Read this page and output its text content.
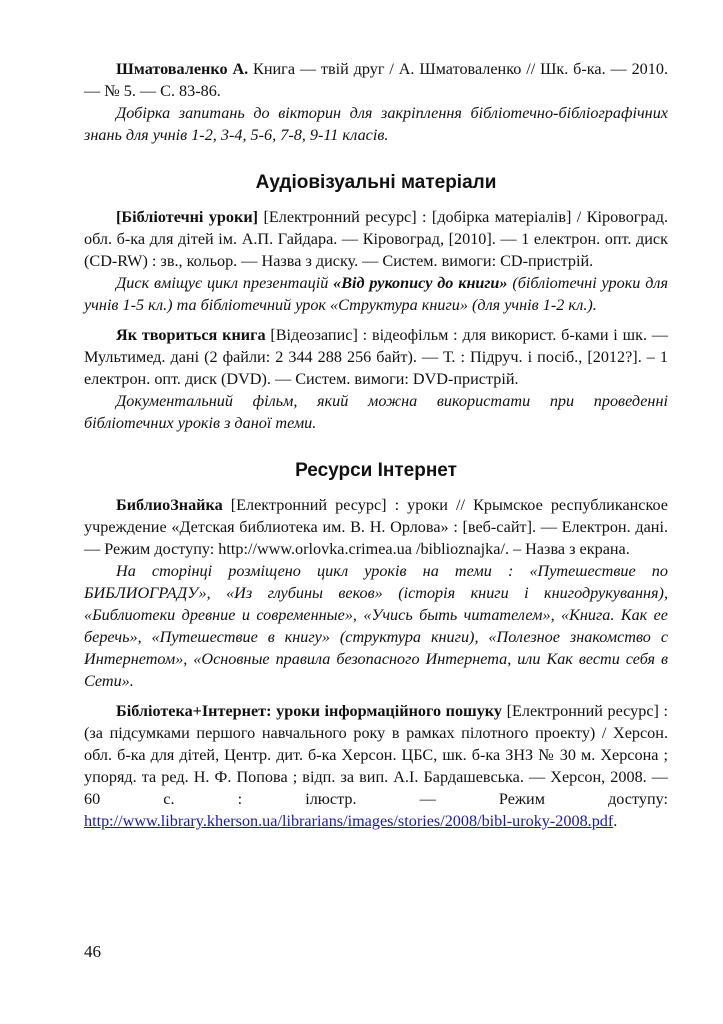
Шматоваленко А. Книга — твій друг / А. Шматоваленко // Шк. б-ка. — 2010. — № 5. — С. 83-86.

Добірка запитань до вікторин для закріплення бібліотечно-бібліографічних знань для учнів 1-2, 3-4, 5-6, 7-8, 9-11 класів.

Аудіовізуальні матеріали

[Бібліотечні уроки] [Електронний ресурс] : [добірка матеріалів] / Кіровоград. обл. б-ка для дітей ім. А.П. Гайдара. — Кіровоград, [2010]. — 1 електрон. опт. диск (CD-RW) : зв., кольор. — Назва з диску. — Систем. вимоги: CD-пристрій.

Диск вміщує цикл презентацій «Від рукопису до книги» (бібліотечні уроки для учнів 1-5 кл.) та бібліотечний урок «Структура книги» (для учнів 1-2 кл.).

Як твориться книга [Відеозапис] : відеофільм : для використ. б-ками і шк. — Мультимед. дані (2 файли: 2 344 288 256 байт). — Т. : Підруч. і посіб., [2012?]. – 1 електрон. опт. диск (DVD). — Систем. вимоги: DVD-пристрій.

Документальний фільм, який можна використати при проведенні бібліотечних уроків з даної теми.

Ресурси Інтернет

БиблиоЗнайка [Електронний ресурс] : уроки // Крымское республиканское учреждение «Детская библиотека им. В. Н. Орлова» : [веб-сайт]. — Електрон. дані. — Режим доступу: http://www.orlovka.crimea.ua /biblioznajka/. – Назва з екрана.

На сторінці розміщено цикл уроків на теми : «Путешествие по БИБЛИОГРАДУ», «Из глубины веков» (історія книги і книгодрукування), «Библиотеки древние и современные», «Учись быть читателем», «Книга. Как ее беречь», «Путешествие в книгу» (структура книги), «Полезное знакомство с Интернетом», «Основные правила безопасного Интернета, или Как вести себя в Сети».

Бібліотека+Інтернет: уроки інформаційного пошуку [Електронний ресурс] : (за підсумками першого навчального року в рамках пілотного проекту) / Херсон. обл. б-ка для дітей, Центр. дит. б-ка Херсон. ЦБС, шк. б-ка ЗНЗ № 30 м. Херсона ; упоряд. та ред. Н. Ф. Попова ; відп. за вип. А.І. Бардашевська. — Херсон, 2008. — 60 с. : ілюстр. — Режим доступу: http://www.library.kherson.ua/librarians/images/stories/2008/bibl-uroky-2008.pdf.

46
